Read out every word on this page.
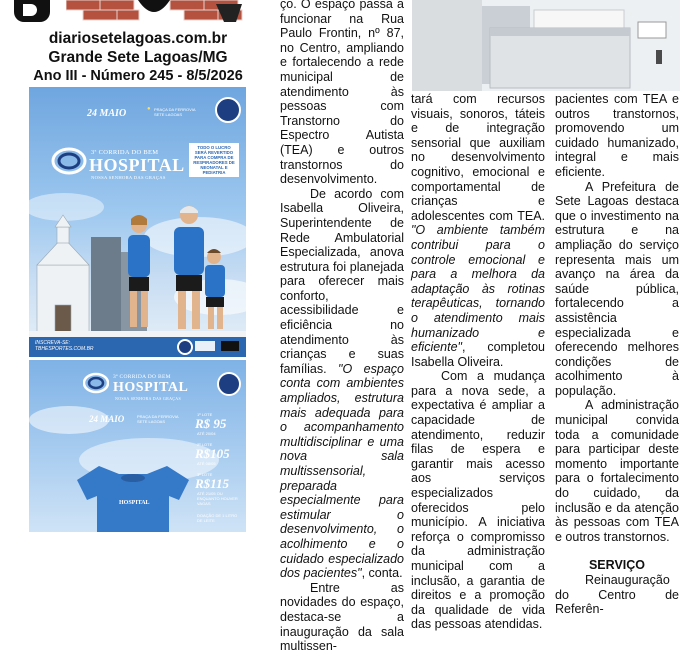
diariosetelagoas.com.br
Grande Sete Lagoas/MG
Ano III - Número 245 - 8/5/2026
24 MAIO	● PRAÇA DA FERROVIA
SETE LAGOAS
3ª CORRIDA DO BEM
HOSPITAL
NOSSA SENHORA DAS GRAÇAS
TODO O LUCRO SERÁ REVERTIDO PARA COMPRA DE RESPIRADORES DE NEONATAL E PEDIATRIA
INSCREVA-SE:
TBHESPORTES.COM.BR
3ª CORRIDA DO BEM
HOSPITAL
NOSSA SENHORA DAS GRAÇAS
24 MAIO	PRAÇA DA FERROVIA
SETE LAGOAS
1º LOTE
R$ 95
ATÉ 20/04
2º LOTE
R$105
ATÉ 08/05
3º LOTE
R$115
ATÉ 21/05 OU ENQUANTO HOUVER VAGAS
DOAÇÃO DE 1 LITRO DE LEITE
HOSPITAL

ço. O espaço passa a funcionar na Rua Paulo Frontin, nº 87, no Centro, ampliando e fortalecendo a rede municipal de atendimento às pessoas com Transtorno do Espectro Autista (TEA) e outros transtornos do desenvolvimento.

De acordo com Isabella Oliveira, Superintendente de Rede Ambulatorial Especializada, anova estrutura foi planejada para oferecer mais conforto, acessibilidade e eficiência no atendimento às crianças e suas famílias. "O espaço conta com ambientes ampliados, estrutura mais adequada para o acompanhamento multidisciplinar e uma nova sala multissensorial, preparada especialmente para estimular o desenvolvimento, o acolhimento e o cuidado especializado dos pacientes", conta.

Entre as novidades do espaço, destaca-se a inauguração da sala multissen-

tará com recursos visuais, sonoros, táteis e de integração sensorial que auxiliam no desenvolvimento cognitivo, emocional e comportamental de crianças e adolescentes com TEA. "O ambiente também contribui para o controle emocional e para a melhora da adaptação às rotinas terapêuticas, tornando o atendimento mais humanizado e eficiente", completou Isabella Oliveira.

Com a mudança para a nova sede, a expectativa é ampliar a capacidade de atendimento, reduzir filas de espera e garantir mais acesso aos serviços especializados oferecidos pelo município. A iniciativa reforça o compromisso da administração municipal com a inclusão, a garantia de direitos e a promoção da qualidade de vida das pessoas atendidas.

pacientes com TEA e outros transtornos, promovendo um cuidado humanizado, integral e mais eficiente.

A Prefeitura de Sete Lagoas destaca que o investimento na estrutura e na ampliação do serviço representa mais um avanço na área da saúde pública, fortalecendo a assistência especializada e oferecendo melhores condições de acolhimento à população.

A administração municipal convida toda a comunidade para participar deste momento importante para o fortalecimento do cuidado, da inclusão e da atenção às pessoas com TEA e outros transtornos.

SERVIÇO

Reinauguração do Centro de Referên-
